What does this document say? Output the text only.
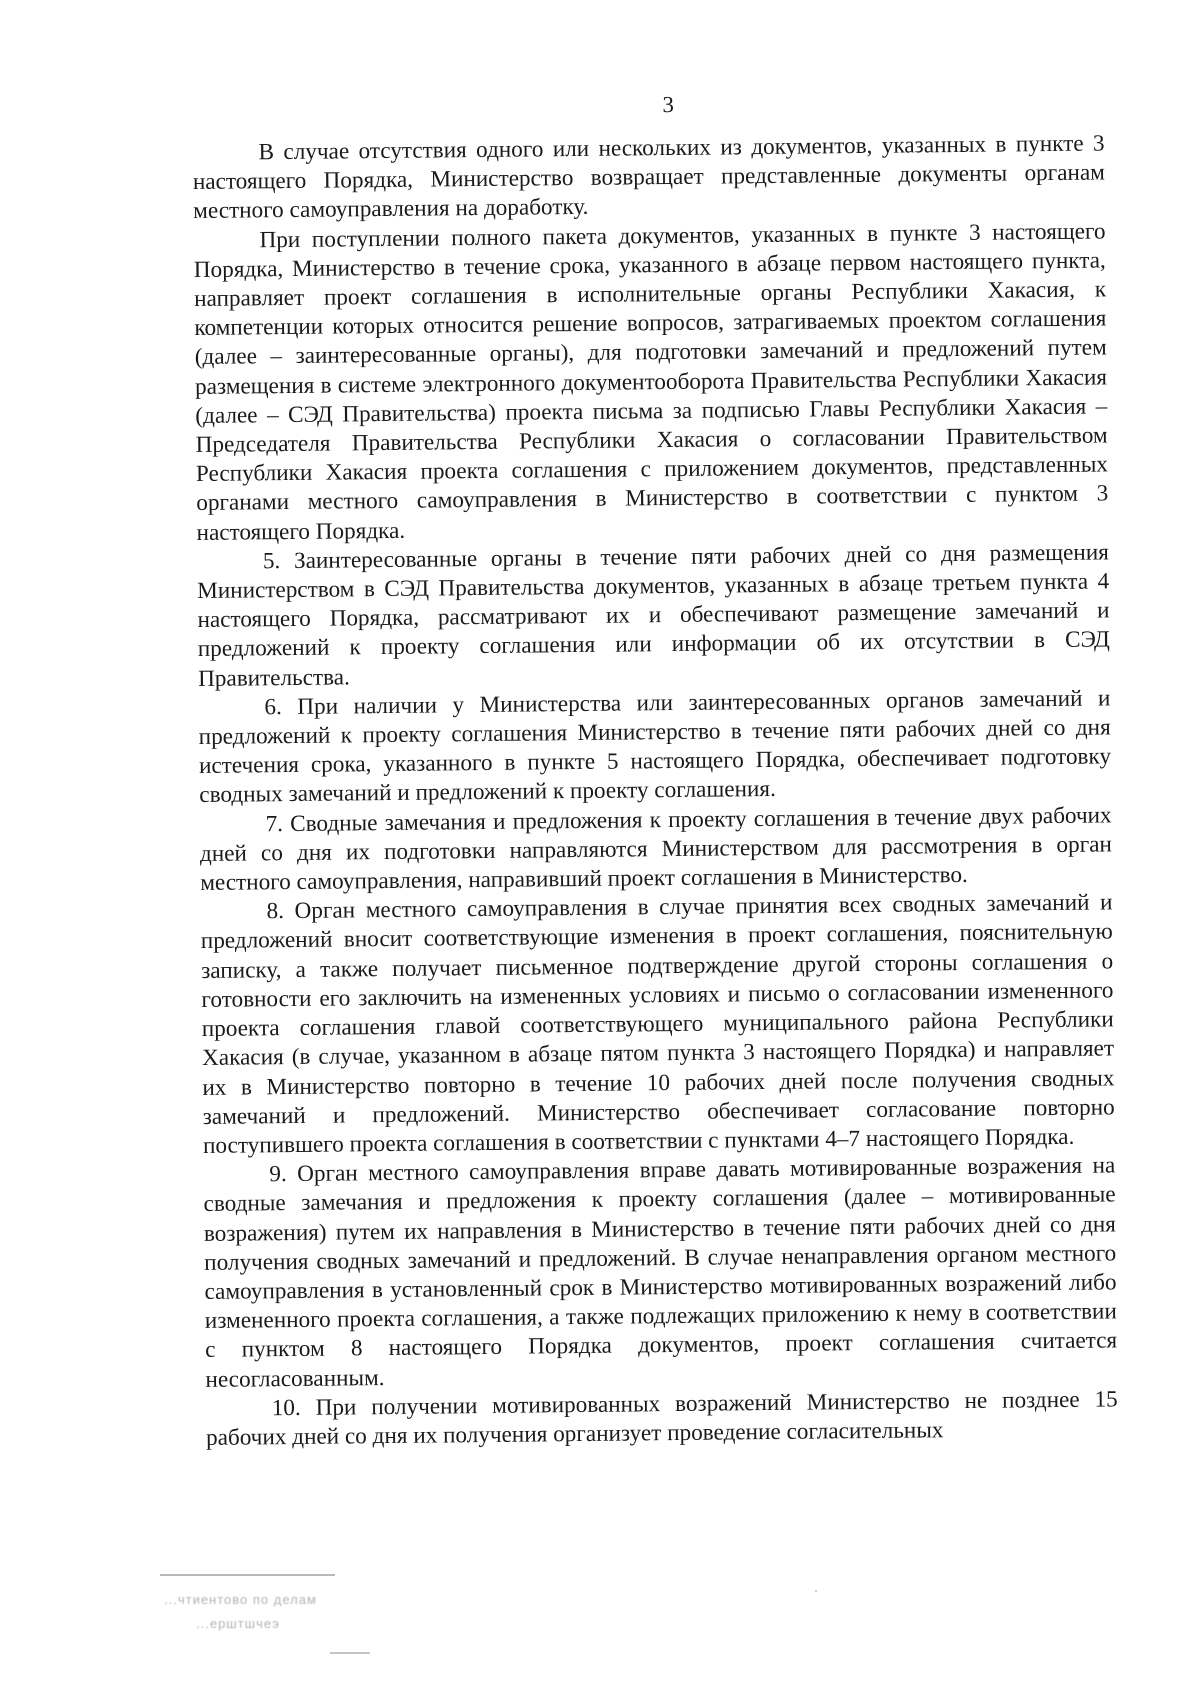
3

В случае отсутствия одного или нескольких из документов, указанных в пункте 3 настоящего Порядка, Министерство возвращает представленные документы органам местного самоуправления на доработку.

При поступлении полного пакета документов, указанных в пункте 3 настоящего Порядка, Министерство в течение срока, указанного в абзаце первом настоящего пункта, направляет проект соглашения в исполнительные органы Республики Хакасия, к компетенции которых относится решение вопросов, затрагиваемых проектом соглашения (далее – заинтересованные органы), для подготовки замечаний и предложений путем размещения в системе электронного документооборота Правительства Республики Хакасия (далее – СЭД Правительства) проекта письма за подписью Главы Республики Хакасия – Председателя Правительства Республики Хакасия о согласовании Правительством Республики Хакасия проекта соглашения с приложением документов, представленных органами местного самоуправления в Министерство в соответствии с пунктом 3 настоящего Порядка.

5. Заинтересованные органы в течение пяти рабочих дней со дня размещения Министерством в СЭД Правительства документов, указанных в абзаце третьем пункта 4 настоящего Порядка, рассматривают их и обеспечивают размещение замечаний и предложений к проекту соглашения или информации об их отсутствии в СЭД Правительства.

6. При наличии у Министерства или заинтересованных органов замечаний и предложений к проекту соглашения Министерство в течение пяти рабочих дней со дня истечения срока, указанного в пункте 5 настоящего Порядка, обеспечивает подготовку сводных замечаний и предложений к проекту соглашения.

7. Сводные замечания и предложения к проекту соглашения в течение двух рабочих дней со дня их подготовки направляются Министерством для рассмотрения в орган местного самоуправления, направивший проект соглашения в Министерство.

8. Орган местного самоуправления в случае принятия всех сводных замечаний и предложений вносит соответствующие изменения в проект соглашения, пояснительную записку, а также получает письменное подтверждение другой стороны соглашения о готовности его заключить на измененных условиях и письмо о согласовании измененного проекта соглашения главой соответствующего муниципального района Республики Хакасия (в случае, указанном в абзаце пятом пункта 3 настоящего Порядка) и направляет их в Министерство повторно в течение 10 рабочих дней после получения сводных замечаний и предложений. Министерство обеспечивает согласование повторно поступившего проекта соглашения в соответствии с пунктами 4–7 настоящего Порядка.

9. Орган местного самоуправления вправе давать мотивированные возражения на сводные замечания и предложения к проекту соглашения (далее – мотивированные возражения) путем их направления в Министерство в течение пяти рабочих дней со дня получения сводных замечаний и предложений. В случае ненаправления органом местного самоуправления в установленный срок в Министерство мотивированных возражений либо измененного проекта соглашения, а также подлежащих приложению к нему в соответствии с пунктом 8 настоящего Порядка документов, проект соглашения считается несогласованным.

10. При получении мотивированных возражений Министерство не позднее 15 рабочих дней со дня их получения организует проведение согласительных

...чтиентово по делам
...ерштшчеэ
